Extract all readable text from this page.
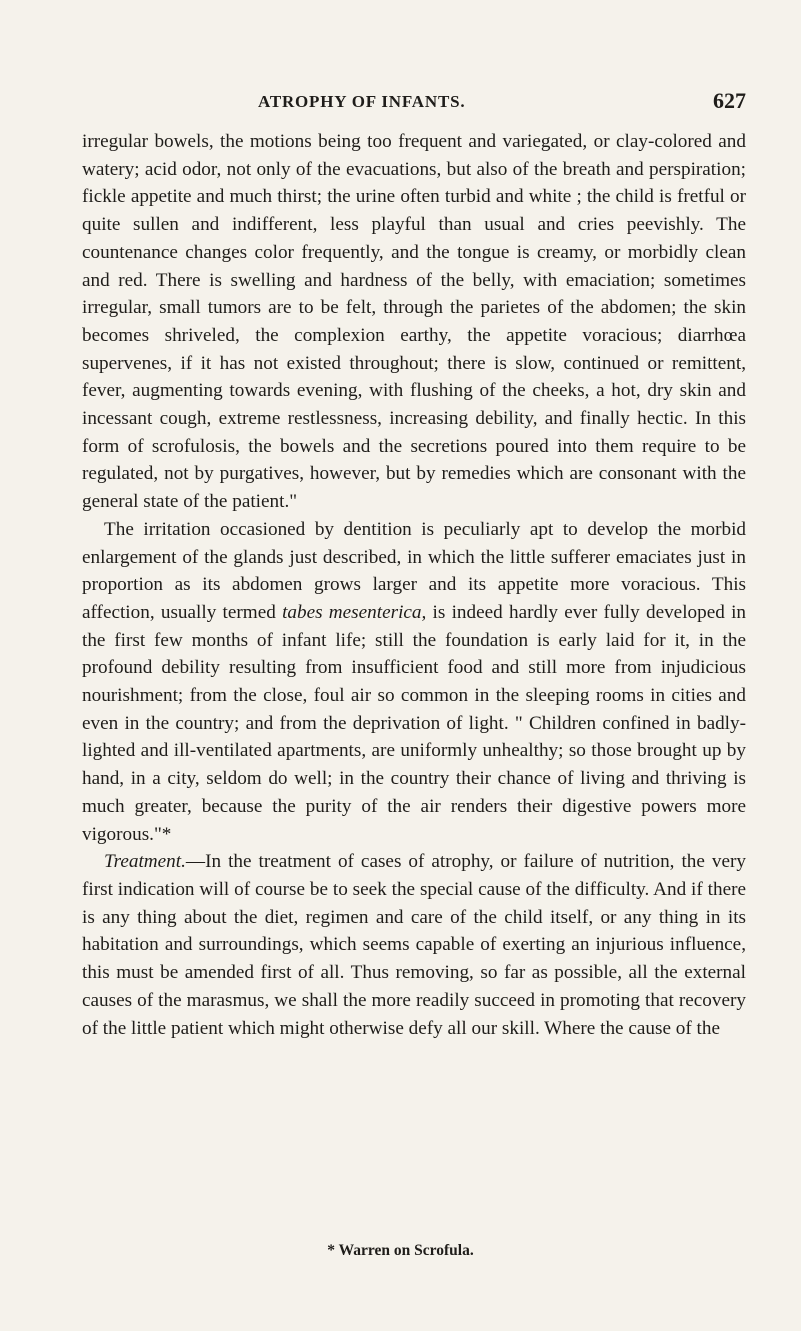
ATROPHY OF INFANTS.	627

irregular bowels, the motions being too frequent and variegated, or clay-colored and watery; acid odor, not only of the evacuations, but also of the breath and perspiration; fickle appetite and much thirst; the urine often turbid and white ; the child is fretful or quite sullen and indifferent, less playful than usual and cries peevishly. The countenance changes color frequently, and the tongue is creamy, or morbidly clean and red. There is swelling and hardness of the belly, with emaciation; sometimes irregular, small tumors are to be felt, through the parietes of the abdomen; the skin becomes shriveled, the complexion earthy, the appetite voracious; diarrhœa supervenes, if it has not existed throughout; there is slow, continued or remittent, fever, augmenting towards evening, with flushing of the cheeks, a hot, dry skin and incessant cough, extreme restlessness, increasing debility, and finally hectic. In this form of scrofulosis, the bowels and the secretions poured into them require to be regulated, not by purgatives, however, but by remedies which are consonant with the general state of the patient."

The irritation occasioned by dentition is peculiarly apt to develop the morbid enlargement of the glands just described, in which the little sufferer emaciates just in proportion as its abdomen grows larger and its appetite more voracious. This affection, usually termed tabes mesenterica, is indeed hardly ever fully developed in the first few months of infant life; still the foundation is early laid for it, in the profound debility resulting from insufficient food and still more from injudicious nourishment; from the close, foul air so common in the sleeping rooms in cities and even in the country; and from the deprivation of light. " Children confined in badly-lighted and ill-ventilated apartments, are uniformly unhealthy; so those brought up by hand, in a city, seldom do well; in the country their chance of living and thriving is much greater, because the purity of the air renders their digestive powers more vigorous."*

Treatment.—In the treatment of cases of atrophy, or failure of nutrition, the very first indication will of course be to seek the special cause of the difficulty. And if there is any thing about the diet, regimen and care of the child itself, or any thing in its habitation and surroundings, which seems capable of exerting an injurious influence, this must be amended first of all. Thus removing, so far as possible, all the external causes of the marasmus, we shall the more readily succeed in promoting that recovery of the little patient which might otherwise defy all our skill. Where the cause of the

* Warren on Scrofula.
